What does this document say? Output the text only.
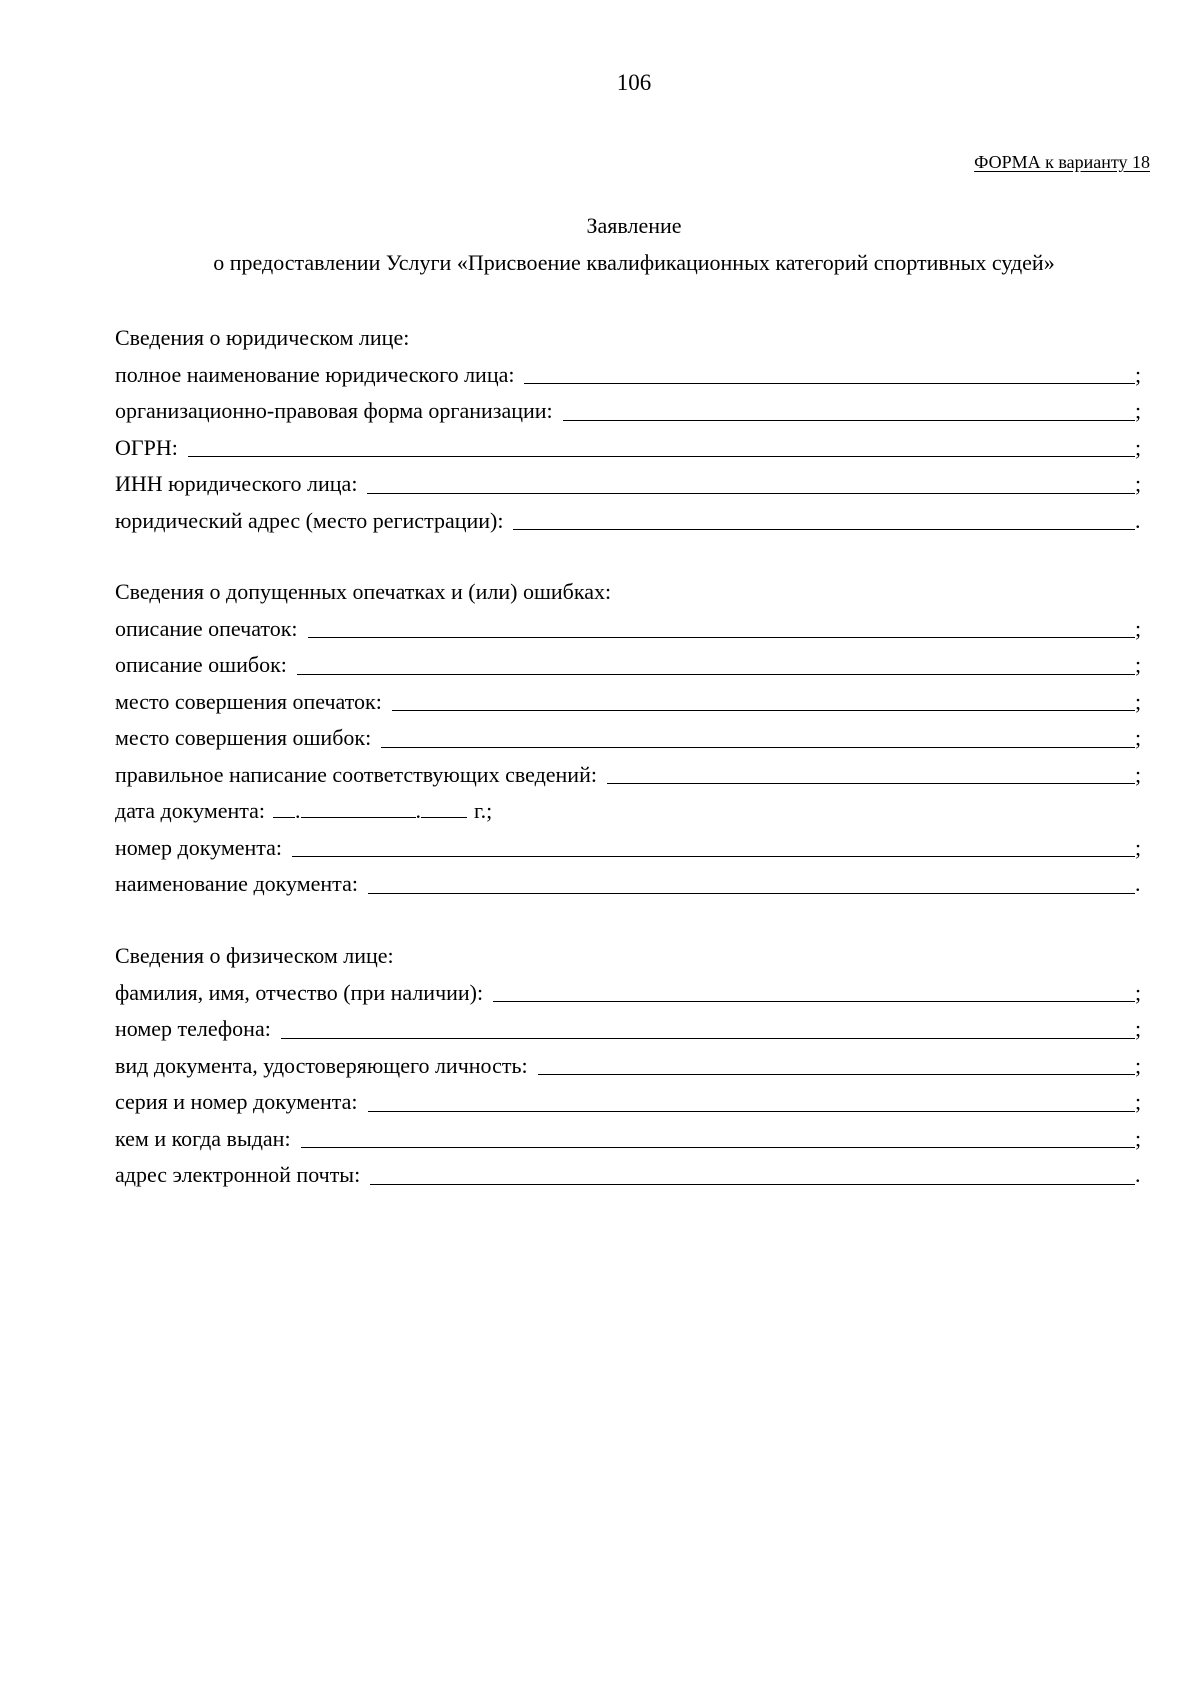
106
ФОРМА к варианту 18
Заявление
о предоставлении Услуги «Присвоение квалификационных категорий спортивных судей»
Сведения о юридическом лице:
полное наименование юридического лица:	;
организационно-правовая форма организации:	;
ОГРН:	;
ИНН юридического лица:	;
юридический адрес (место регистрации):	.
Сведения о допущенных опечатках и (или) ошибках:
описание опечаток:	;
описание ошибок:	;
место совершения опечаток:	;
место совершения ошибок:	;
правильное написание соответствующих сведений:	;
дата документа: .	. г.;
номер документа:	;
наименование документа:	.
Сведения о физическом лице:
фамилия, имя, отчество (при наличии):	;
номер телефона:	;
вид документа, удостоверяющего личность:	;
серия и номер документа:	;
кем и когда выдан:	;
адрес электронной почты:	.
